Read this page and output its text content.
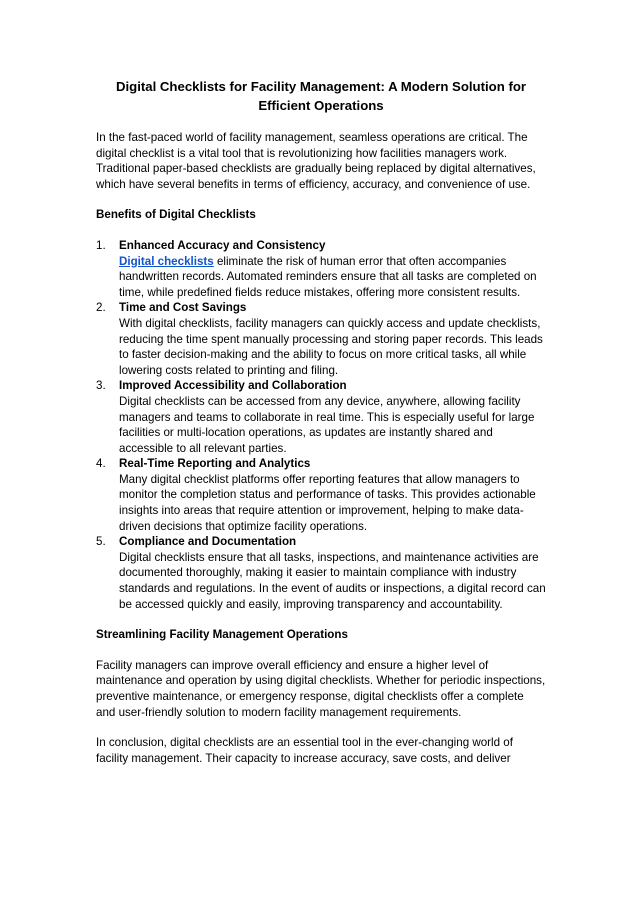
Digital Checklists for Facility Management: A Modern Solution for Efficient Operations

In the fast-paced world of facility management, seamless operations are critical. The digital checklist is a vital tool that is revolutionizing how facilities managers work. Traditional paper-based checklists are gradually being replaced by digital alternatives, which have several benefits in terms of efficiency, accuracy, and convenience of use.

Benefits of Digital Checklists
1. Enhanced Accuracy and Consistency
Digital checklists eliminate the risk of human error that often accompanies handwritten records. Automated reminders ensure that all tasks are completed on time, while predefined fields reduce mistakes, offering more consistent results.
2. Time and Cost Savings
With digital checklists, facility managers can quickly access and update checklists, reducing the time spent manually processing and storing paper records. This leads to faster decision-making and the ability to focus on more critical tasks, all while lowering costs related to printing and filing.
3. Improved Accessibility and Collaboration
Digital checklists can be accessed from any device, anywhere, allowing facility managers and teams to collaborate in real time. This is especially useful for large facilities or multi-location operations, as updates are instantly shared and accessible to all relevant parties.
4. Real-Time Reporting and Analytics
Many digital checklist platforms offer reporting features that allow managers to monitor the completion status and performance of tasks. This provides actionable insights into areas that require attention or improvement, helping to make data-driven decisions that optimize facility operations.
5. Compliance and Documentation
Digital checklists ensure that all tasks, inspections, and maintenance activities are documented thoroughly, making it easier to maintain compliance with industry standards and regulations. In the event of audits or inspections, a digital record can be accessed quickly and easily, improving transparency and accountability.
Streamlining Facility Management Operations

Facility managers can improve overall efficiency and ensure a higher level of maintenance and operation by using digital checklists. Whether for periodic inspections, preventive maintenance, or emergency response, digital checklists offer a complete and user-friendly solution to modern facility management requirements.

In conclusion, digital checklists are an essential tool in the ever-changing world of facility management. Their capacity to increase accuracy, save costs, and deliver
